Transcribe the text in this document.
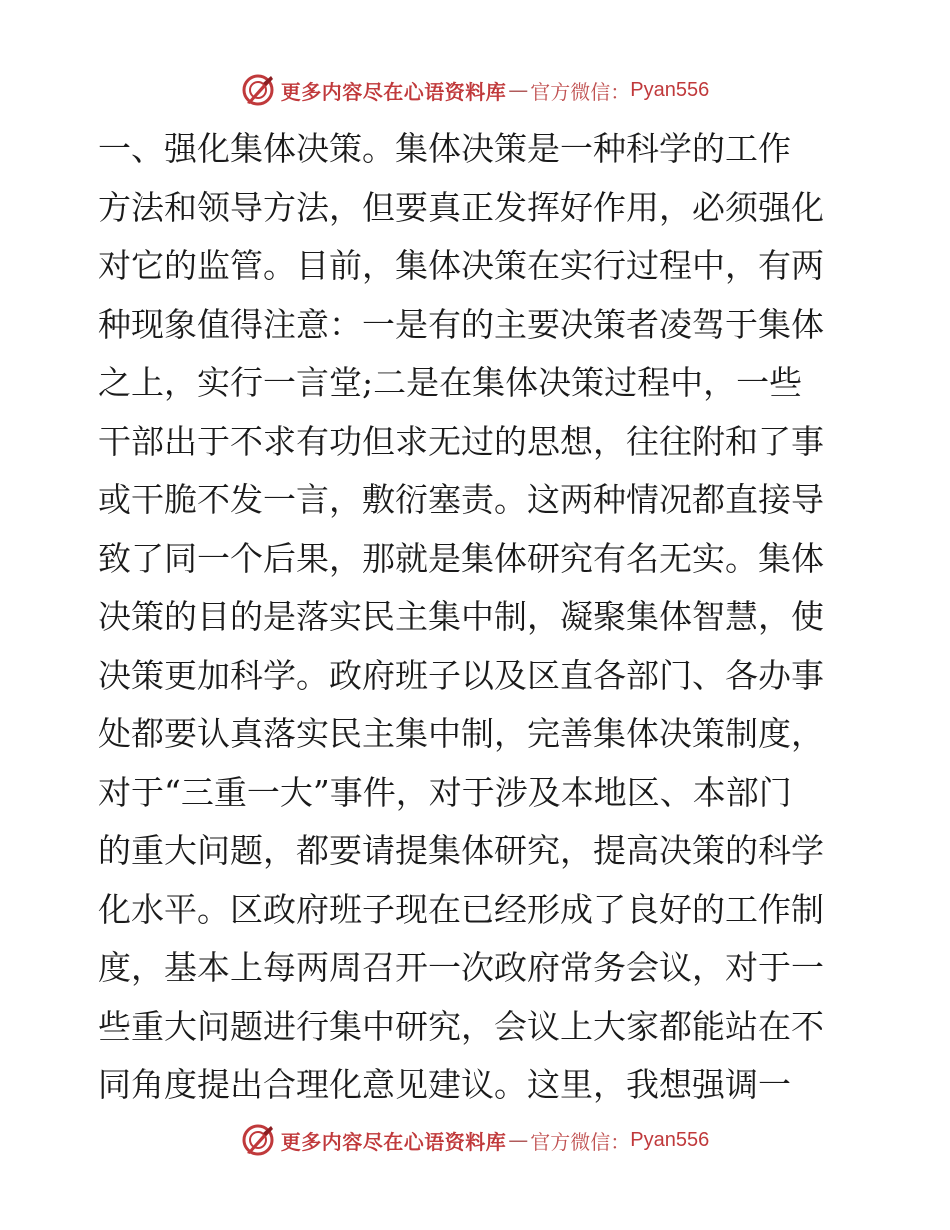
更多内容尽在心语资料库 — 官方微信： Pyan556
一、强化集体决策。集体决策是一种科学的工作
方法和领导方法，但要真正发挥好作用，必须强化
对它的监管。目前，集体决策在实行过程中，有两
种现象值得注意：一是有的主要决策者凌驾于集体
之上，实行一言堂;二是在集体决策过程中，一些
干部出于不求有功但求无过的思想，往往附和了事
或干脆不发一言，敷衍塞责。这两种情况都直接导
致了同一个后果，那就是集体研究有名无实。集体
决策的目的是落实民主集中制，凝聚集体智慧，使
决策更加科学。政府班子以及区直各部门、各办事
处都要认真落实民主集中制，完善集体决策制度，
对于“三重一大”事件，对于涉及本地区、本部门
的重大问题，都要请提集体研究，提高决策的科学
化水平。区政府班子现在已经形成了良好的工作制
度，基本上每两周召开一次政府常务会议，对于一
些重大问题进行集中研究，会议上大家都能站在不
同角度提出合理化意见建议。这里，我想强调一
更多内容尽在心语资料库 — 官方微信： Pyan556
